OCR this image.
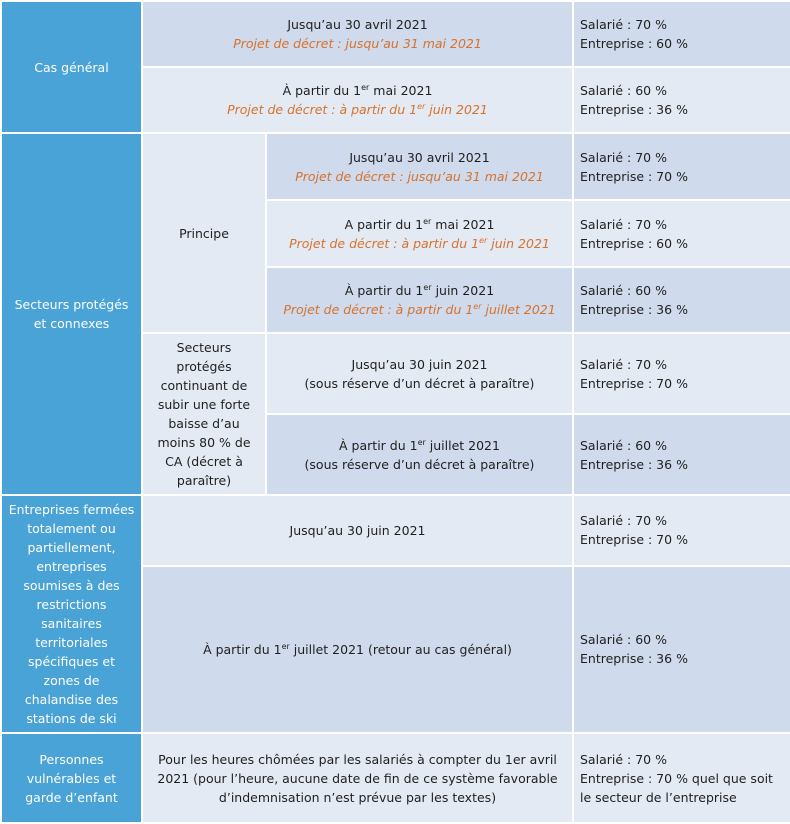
Cas général	Jusqu’au 30 avril 2021
Projet de décret : jusqu’au 31 mai 2021		Salarié : 70 %
Entreprise : 60 %

	À partir du 1er mai 2021
Projet de décret : à partir du 1er juin 2021		Salarié : 60 %
Entreprise : 36 %

Secteurs protégés et connexes	Principe	Jusqu’au 30 avril 2021
Projet de décret : jusqu’au 31 mai 2021	Salarié : 70 %
Entreprise : 70 %

		A partir du 1er mai 2021
Projet de décret : à partir du 1er juin 2021	Salarié : 70 %
Entreprise : 60 %

		À partir du 1er juin 2021
Projet de décret : à partir du 1er juillet 2021	Salarié : 60 %
Entreprise : 36 %

	Secteurs protégés continuant de subir une forte baisse d’au moins 80 % de CA (décret à paraître)	Jusqu’au 30 juin 2021
(sous réserve d’un décret à paraître)	Salarié : 70 %
Entreprise : 70 %

		À partir du 1er juillet 2021
(sous réserve d’un décret à paraître)	Salarié : 60 %
Entreprise : 36 %

Entreprises fermées totalement ou partiellement, entreprises soumises à des restrictions sanitaires territoriales spécifiques et zones de chalandise des stations de ski	Jusqu’au 30 juin 2021		Salarié : 70 %
Entreprise : 70 %

	À partir du 1er juillet 2021 (retour au cas général)		Salarié : 60 %
Entreprise : 36 %

Personnes vulnérables et garde d’enfant	Pour les heures chômées par les salariés à compter du 1er avril 2021 (pour l’heure, aucune date de fin de ce système favorable d’indemnisation n’est prévue par les textes)		Salarié : 70 %
Entreprise : 70 % quel que soit le secteur de l’entreprise
